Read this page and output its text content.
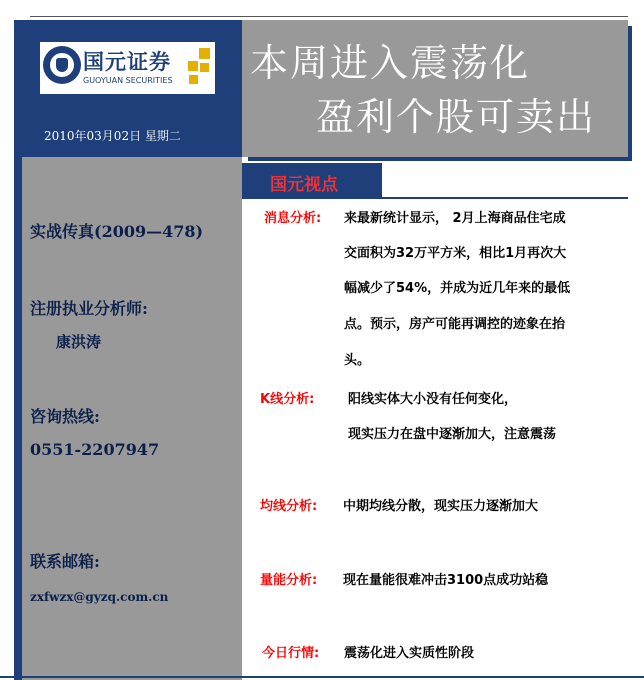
国元证券
GUOYUAN SECURITIES
2010年03月02日 星期二
本周进入震荡化
盈利个股可卖出
实战传真(2009—478)
注册执业分析师:
康洪涛
咨询热线:
0551-2207947
联系邮箱:
zxfwzx@gyzq.com.cn
国元视点
消息分析: 来最新统计显示， 2月上海商品住宅成
交面积为32万平方米，相比1月再次大
幅减少了54%，并成为近几年来的最低
点。预示，房产可能再调控的迹象在抬
头。
K线分析:	阳线实体大小没有任何变化，
现实压力在盘中逐渐加大，注意震荡
均线分析: 中期均线分散，现实压力逐渐加大
量能分析: 现在量能很难冲击3100点成功站稳
今日行情: 震荡化进入实质性阶段
